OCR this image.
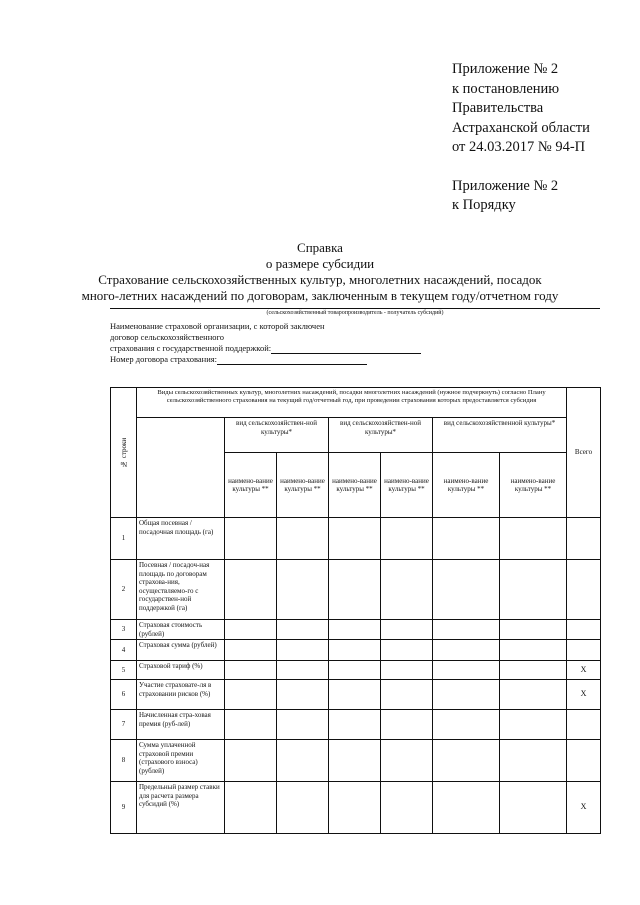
Приложение № 2
к постановлению
Правительства
Астраханской области
от 24.03.2017 № 94-П
Приложение № 2
к Порядку
Справка
о размере субсидии
Страхование сельскохозяйственных культур, многолетних насаждений, посадок много-летних насаждений по договорам, заключенным в текущем году/отчетном году
(сельскохозяйственный товаропроизводитель - получатель субсидий)
Наименование страховой организации, с которой заключен
договор сельскохозяйственного
страхования с государственной поддержкой:
Номер договора страхования:
№ строки	Виды сельскохозяйственных культур, многолетних насаждений, посадки многолетних насаждений (нужное подчеркнуть) согласно Плану сельскохозяйственного страхования на текущий год/отчетный год, при проведении страхования которых предоставляется субсидия							Всего
		вид сельскохозяйствен-ной культуры*		вид сельскохозяйствен-ной культуры*		вид сельскохозяйственной культуры*		
		наимено-вание культуры **	наимено-вание культуры **	наимено-вание культуры **	наимено-вание культуры **	наимено-вание культуры **	наимено-вание культуры **	
1	Общая посевная / посадочная площадь (га)							
2	Посевная / посадоч-ная площадь по договорам страхова-ния, осуществляемо-го с государствен-ной поддержкой (га)							
3	Страховая стоимость (рублей)							
4	Страховая сумма (рублей)							
5	Страховой тариф (%)							Х
6	Участие страховате-ля в страховании рисков (%)							Х
7	Начисленная стра-ховая премия (руб-лей)							
8	Сумма уплаченной страховой премии (страхового взноса) (рублей)							
9	Предельный размер ставки для расчета размера субсидий (%)							Х
